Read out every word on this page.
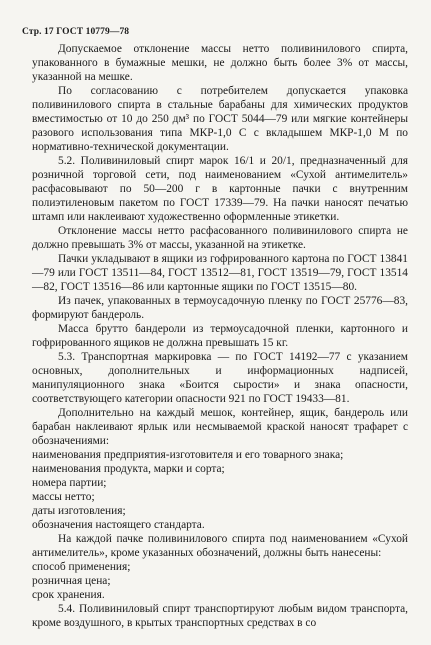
Стр. 17 ГОСТ 10779—78

Допускаемое отклонение массы нетто поливинилового спирта, упакованного в бумажные мешки, не должно быть более 3% от массы, указанной на мешке.

По согласованию с потребителем допускается упаковка поливинилового спирта в стальные барабаны для химических продуктов вместимостью от 10 до 250 дм³ по ГОСТ 5044—79 или мягкие контейнеры разового использования типа МКР-1,0 С с вкладышем МКР-1,0 М по нормативно-технической документации.

5.2. Поливиниловый спирт марок 16/1 и 20/1, предназначенный для розничной торговой сети, под наименованием «Сухой антимелитель» расфасовывают по 50—200 г в картонные пачки с внутренним полиэтиленовым пакетом по ГОСТ 17339—79. На пачки наносят печатью штамп или наклеивают художественно оформленные этикетки.

Отклонение массы нетто расфасованного поливинилового спирта не должно превышать 3% от массы, указанной на этикетке.

Пачки укладывают в ящики из гофрированного картона по ГОСТ 13841—79 или ГОСТ 13511—84, ГОСТ 13512—81, ГОСТ 13519—79, ГОСТ 13514—82, ГОСТ 13516—86 или картонные ящики по ГОСТ 13515—80.

Из пачек, упакованных в термоусадочную пленку по ГОСТ 25776—83, формируют бандероль.

Масса брутто бандероли из термоусадочной пленки, картонного и гофрированного ящиков не должна превышать 15 кг.

5.3. Транспортная маркировка — по ГОСТ 14192—77 с указанием основных, дополнительных и информационных надписей, манипуляционного знака «Боится сырости» и знака опасности, соответствующего категории опасности 921 по ГОСТ 19433—81.

Дополнительно на каждый мешок, контейнер, ящик, бандероль или барабан наклеивают ярлык или несмываемой краской наносят трафарет с обозначениями:

наименования предприятия-изготовителя и его товарного знака;

наименования продукта, марки и сорта;

номера партии;

массы нетто;

даты изготовления;

обозначения настоящего стандарта.

На каждой пачке поливинилового спирта под наименованием «Сухой антимелитель», кроме указанных обозначений, должны быть нанесены:

способ применения;

розничная цена;

срок хранения.

5.4. Поливиниловый спирт транспортируют любым видом транспорта, кроме воздушного, в крытых транспортных средствах в со
